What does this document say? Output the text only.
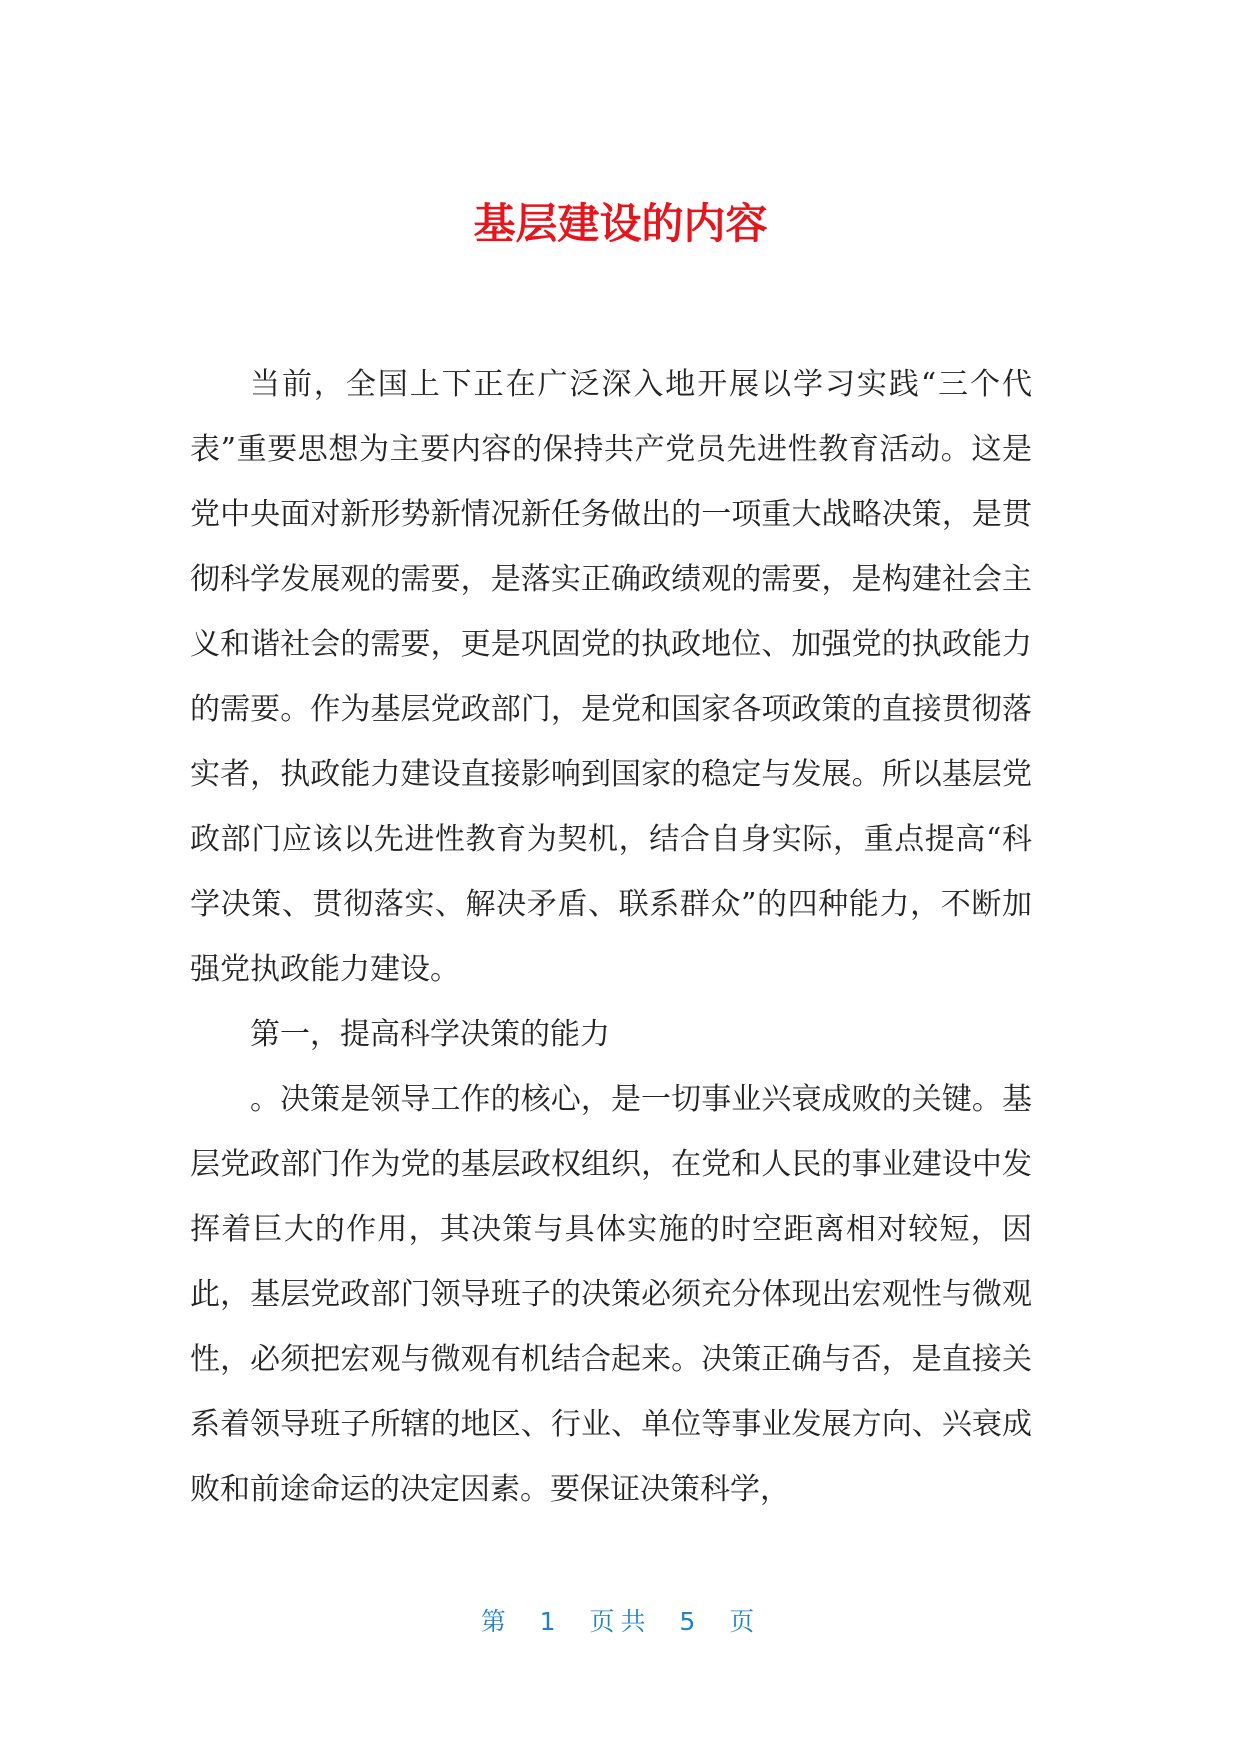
基层建设的内容

当前，全国上下正在广泛深入地开展以学习实践“三个代表”重要思想为主要内容的保持共产党员先进性教育活动。这是党中央面对新形势新情况新任务做出的一项重大战略决策，是贯彻科学发展观的需要，是落实正确政绩观的需要，是构建社会主义和谐社会的需要，更是巩固党的执政地位、加强党的执政能力的需要。作为基层党政部门，是党和国家各项政策的直接贯彻落实者，执政能力建设直接影响到国家的稳定与发展。所以基层党政部门应该以先进性教育为契机，结合自身实际，重点提高“科学决策、贯彻落实、解决矛盾、联系群众”的四种能力，不断加强党执政能力建设。

第一，提高科学决策的能力

。决策是领导工作的核心，是一切事业兴衰成败的关键。基层党政部门作为党的基层政权组织，在党和人民的事业建设中发挥着巨大的作用，其决策与具体实施的时空距离相对较短，因此，基层党政部门领导班子的决策必须充分体现出宏观性与微观性，必须把宏观与微观有机结合起来。决策正确与否，是直接关系着领导班子所辖的地区、行业、单位等事业发展方向、兴衰成败和前途命运的决定因素。要保证决策科学，

第 1 页共 5 页
